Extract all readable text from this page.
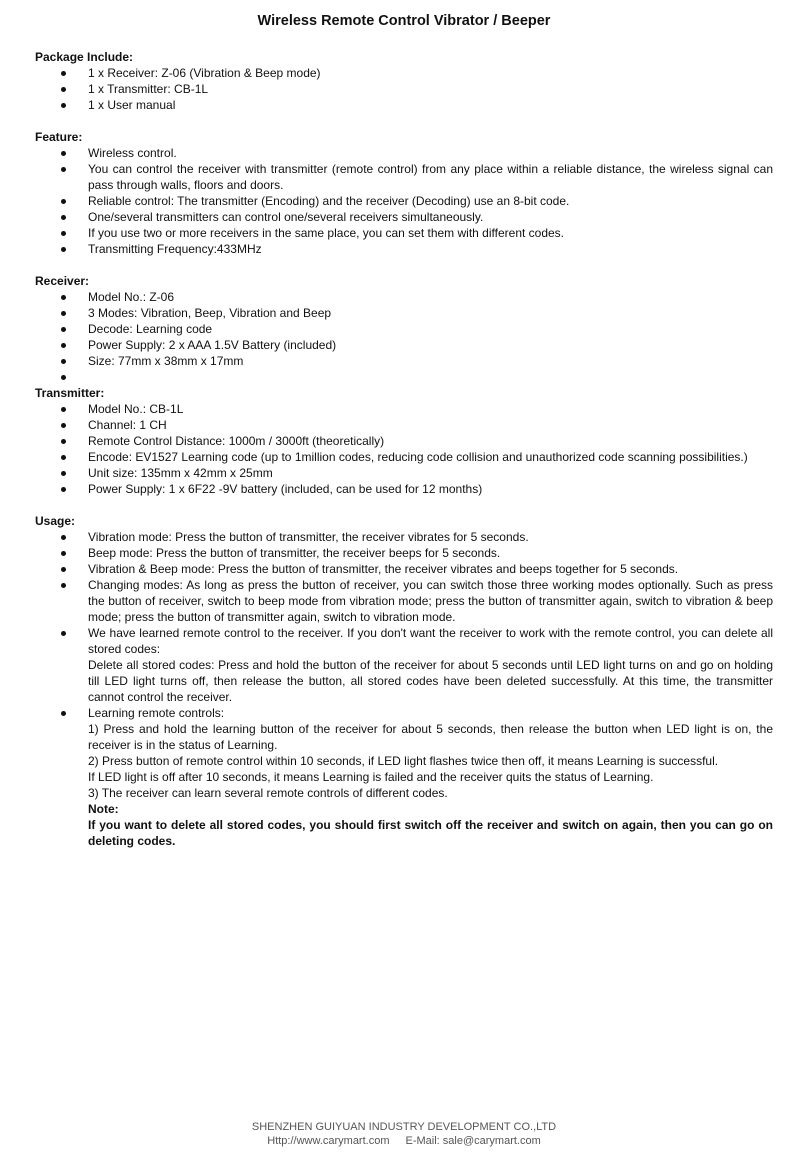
Wireless Remote Control Vibrator / Beeper
Package Include:
1 x Receiver: Z-06 (Vibration & Beep mode)
1 x Transmitter: CB-1L
1 x User manual
Feature:
Wireless control.
You can control the receiver with transmitter (remote control) from any place within a reliable distance, the wireless signal can pass through walls, floors and doors.
Reliable control: The transmitter (Encoding) and the receiver (Decoding) use an 8-bit code.
One/several transmitters can control one/several receivers simultaneously.
If you use two or more receivers in the same place, you can set them with different codes.
Transmitting Frequency:433MHz
Receiver:
Model No.: Z-06
3 Modes: Vibration, Beep, Vibration and Beep
Decode: Learning code
Power Supply: 2 x AAA 1.5V Battery (included)
Size: 77mm x 38mm x 17mm
Transmitter:
Model No.: CB-1L
Channel: 1 CH
Remote Control Distance: 1000m / 3000ft (theoretically)
Encode: EV1527 Learning code (up to 1million codes, reducing code collision and unauthorized code scanning possibilities.)
Unit size: 135mm x 42mm x 25mm
Power Supply: 1 x 6F22 -9V battery (included, can be used for 12 months)
Usage:
Vibration mode: Press the button of transmitter, the receiver vibrates for 5 seconds.
Beep mode: Press the button of transmitter, the receiver beeps for 5 seconds.
Vibration & Beep mode: Press the button of transmitter, the receiver vibrates and beeps together for 5 seconds.
Changing modes: As long as press the button of receiver, you can switch those three working modes optionally. Such as press the button of receiver, switch to beep mode from vibration mode; press the button of transmitter again, switch to vibration & beep mode; press the button of transmitter again, switch to vibration mode.

We have learned remote control to the receiver. If you don't want the receiver to work with the remote control, you can delete all stored codes:

Delete all stored codes: Press and hold the button of the receiver for about 5 seconds until LED light turns on and go on holding till LED light turns off, then release the button, all stored codes have been deleted successfully. At this time, the transmitter cannot control the receiver.

Learning remote controls:

1) Press and hold the learning button of the receiver for about 5 seconds, then release the button when LED light is on, the receiver is in the status of Learning.

2) Press button of remote control within 10 seconds, if LED light flashes twice then off, it means Learning is successful.

If LED light is off after 10 seconds, it means Learning is failed and the receiver quits the status of Learning.

3) The receiver can learn several remote controls of different codes.

Note:

If you want to delete all stored codes, you should first switch off the receiver and switch on again, then you can go on deleting codes.

SHENZHEN GUIYUAN INDUSTRY DEVELOPMENT CO.,LTD
Http://www.carymart.com E-Mail: sale@carymart.com
